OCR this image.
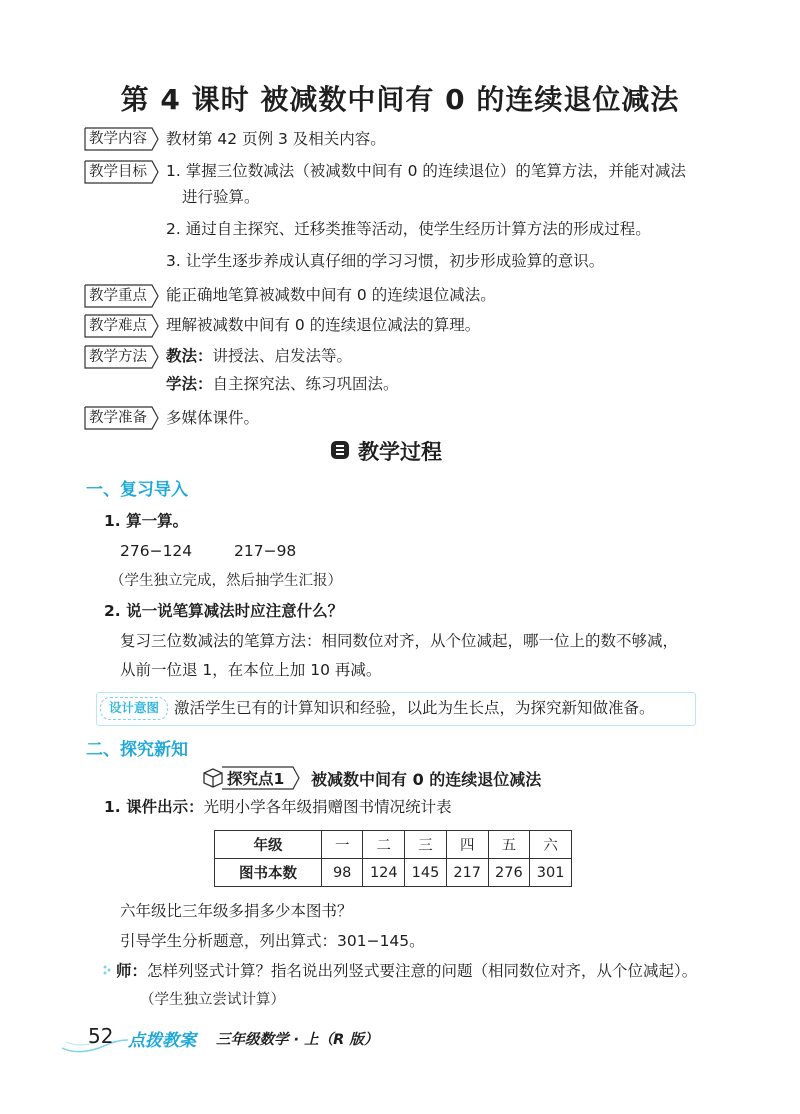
第 4 课时 被减数中间有 0 的连续退位减法
教学内容 教材第 42 页例 3 及相关内容。
教学目标 1. 掌握三位数减法（被减数中间有 0 的连续退位）的笔算方法，并能对减法
进行验算。
2. 通过自主探究、迁移类推等活动，使学生经历计算方法的形成过程。
3. 让学生逐步养成认真仔细的学习习惯，初步形成验算的意识。
教学重点 能正确地笔算被减数中间有 0 的连续退位减法。
教学难点 理解被减数中间有 0 的连续退位减法的算理。
教学方法 教法：讲授法、启发法等。
学法：自主探究法、练习巩固法。
教学准备 多媒体课件。
教学过程
一、复习导入
1. 算一算。
276−124	217−98
（学生独立完成，然后抽学生汇报）
2. 说一说笔算减法时应注意什么？
复习三位数减法的笔算方法：相同数位对齐，从个位减起，哪一位上的数不够减，
从前一位退 1，在本位上加 10 再减。
设计意图 激活学生已有的计算知识和经验，以此为生长点，为探究新知做准备。
二、探究新知
探究点1 被减数中间有 0 的连续退位减法
1. 课件出示：光明小学各年级捐赠图书情况统计表
年级	一	二	三	四	五	六
图书本数	98	124	145	217	276	301
六年级比三年级多捐多少本图书？
引导学生分析题意，列出算式：301−145。
师：怎样列竖式计算？指名说出列竖式要注意的问题（相同数位对齐，从个位减起）。
（学生独立尝试计算）
52 点拨教案 三年级数学 · 上（R 版）
